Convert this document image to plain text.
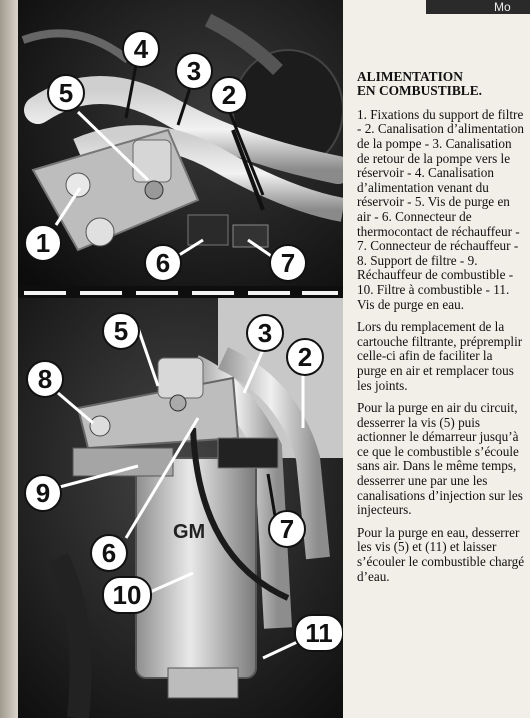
Mo
4
3
5	2
1
6	7
GM
5	3
2
8
9
6
7
10
11
ALIMENTATION
EN COMBUSTIBLE.

1. Fixations du support de filtre - 2. Canalisation d’alimentation de la pompe - 3. Canalisation de retour de la pompe vers le réservoir - 4. Canalisation d’alimentation venant du réservoir - 5. Vis de purge en air - 6. Connecteur de thermocontact de réchauffeur - 7. Connecteur de réchauffeur - 8. Support de filtre - 9. Réchauffeur de combustible - 10. Filtre à combustible - 11. Vis de purge en eau.

Lors du remplacement de la cartouche filtrante, prépremplir celle-ci afin de faciliter la purge en air et remplacer tous les joints.

Pour la purge en air du circuit, desserrer la vis (5) puis actionner le démarreur jusqu’à ce que le combustible s’écoule sans air. Dans le même temps, desserrer une par une les canalisations d’injection sur les injecteurs.

Pour la purge en eau, desserrer les vis (5) et (11) et laisser s’écouler le combustible chargé d’eau.
